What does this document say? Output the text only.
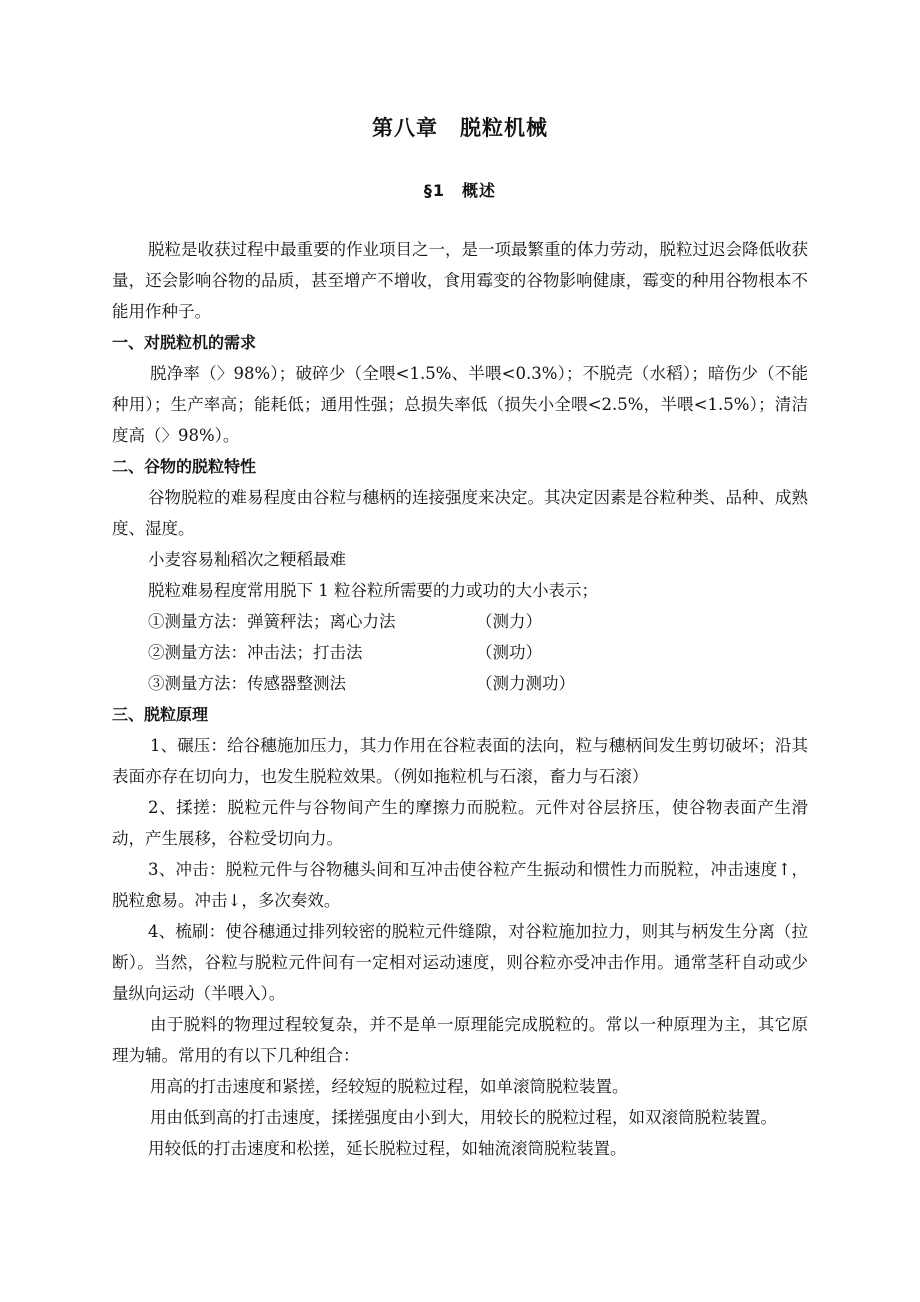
第八章　脱粒机械
§1　概述

脱粒是收获过程中最重要的作业项目之一，是一项最繁重的体力劳动，脱粒过迟会降低收获量，还会影响谷物的品质，甚至增产不增收，食用霉变的谷物影响健康，霉变的种用谷物根本不能用作种子。

一、对脱粒机的需求

脱净率（〉98%）；破碎少（全喂<1.5%、半喂<0.3%）；不脱壳（水稻）；暗伤少（不能种用）；生产率高；能耗低；通用性强；总损失率低（损失小全喂<2.5%，半喂<1.5%）；清洁度高（〉98%）。

二、谷物的脱粒特性

谷物脱粒的难易程度由谷粒与穗柄的连接强度来决定。其决定因素是谷粒种类、品种、成熟度、湿度。

小麦容易籼稻次之粳稻最难

脱粒难易程度常用脱下 1 粒谷粒所需要的力或功的大小表示；

①测量方法：弹簧秤法；离心力法	（测力）
②测量方法：冲击法；打击法	（测功）
③测量方法：传感器整测法	（测力测功）

三、脱粒原理

1、碾压：给谷穗施加压力，其力作用在谷粒表面的法向，粒与穗柄间发生剪切破坏；沿其表面亦存在切向力，也发生脱粒效果。（例如拖粒机与石滚，畜力与石滚）

2、揉搓：脱粒元件与谷物间产生的摩擦力而脱粒。元件对谷层挤压，使谷物表面产生滑动，产生展移，谷粒受切向力。

3、冲击：脱粒元件与谷物穗头间和互冲击使谷粒产生振动和惯性力而脱粒，冲击速度↑，脱粒愈易。冲击↓，多次奏效。

4、梳刷：使谷穗通过排列较密的脱粒元件缝隙，对谷粒施加拉力，则其与柄发生分离（拉断）。当然，谷粒与脱粒元件间有一定相对运动速度，则谷粒亦受冲击作用。通常茎秆自动或少量纵向运动（半喂入）。

由于脱料的物理过程较复杂，并不是单一原理能完成脱粒的。常以一种原理为主，其它原理为辅。常用的有以下几种组合：

用高的打击速度和紧搓，经较短的脱粒过程，如单滚筒脱粒装置。

用由低到高的打击速度，揉搓强度由小到大，用较长的脱粒过程，如双滚筒脱粒装置。

用较低的打击速度和松搓，延长脱粒过程，如轴流滚筒脱粒装置。
